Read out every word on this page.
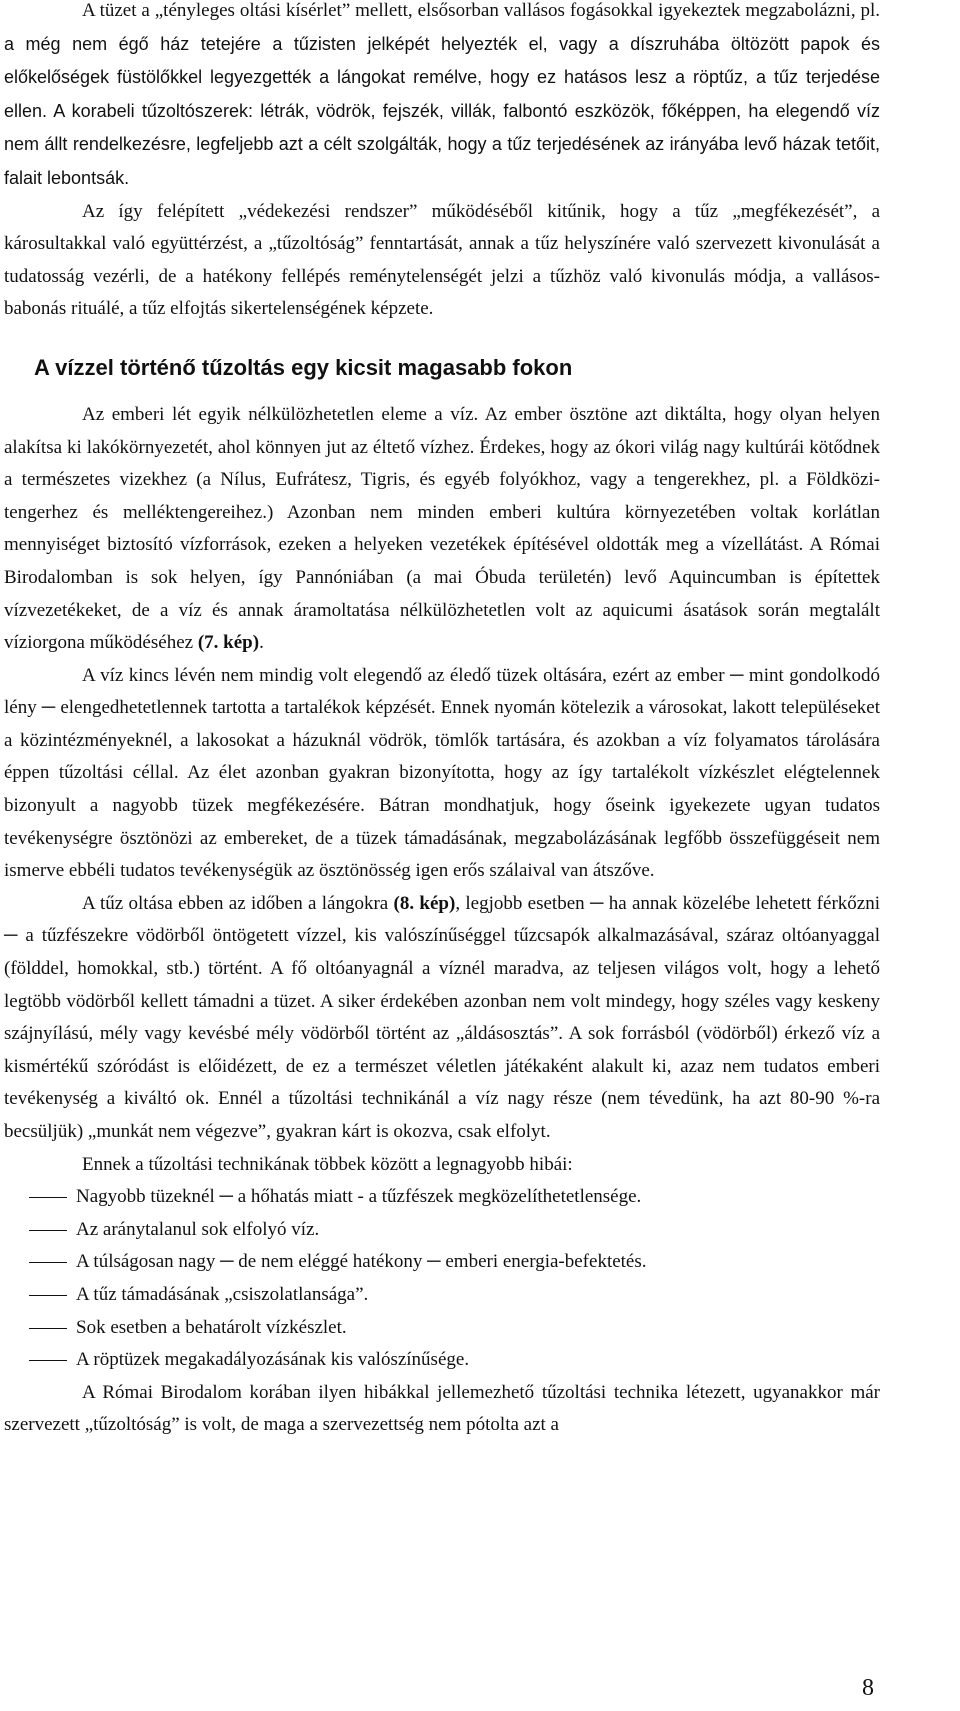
A tüzet a „tényleges oltási kísérlet” mellett, elsősorban vallásos fogásokkal igyekeztek megzabolázni, pl. a még nem égő ház tetejére a tűzisten jelképét helyezték el, vagy a díszruhába öltözött papok és előkelőségek füstölőkkel legyezgették a lángokat remélve, hogy ez hatásos lesz a röptűz, a tűz terjedése ellen. A korabeli tűzoltószerek: létrák, vödrök, fejszék, villák, falbontó eszközök, főképpen, ha elegendő víz nem állt rendelkezésre, legfeljebb azt a célt szolgálták, hogy a tűz terjedésének az irányába levő házak tetőit, falait lebontsák.

Az így felépített „védekezési rendszer” működéséből kitűnik, hogy a tűz „megfékezését”, a károsultakkal való együttérzést, a „tűzoltóság” fenntartását, annak a tűz helyszínére való szervezett kivonulását a tudatosság vezérli, de a hatékony fellépés reménytelenségét jelzi a tűzhöz való kivonulás módja, a vallásos-babonás rituálé, a tűz elfojtás sikertelenségének képzete.

A vízzel történő tűzoltás egy kicsit magasabb fokon

Az emberi lét egyik nélkülözhetetlen eleme a víz. Az ember ösztöne azt diktálta, hogy olyan helyen alakítsa ki lakókörnyezetét, ahol könnyen jut az éltető vízhez. Érdekes, hogy az ókori világ nagy kultúrái kötődnek a természetes vizekhez (a Nílus, Eufrátesz, Tigris, és egyéb folyókhoz, vagy a tengerekhez, pl. a Földközi-tengerhez és melléktengereihez.) Azonban nem minden emberi kultúra környezetében voltak korlátlan mennyiséget biztosító vízforrások, ezeken a helyeken vezetékek építésével oldották meg a vízellátást. A Római Birodalomban is sok helyen, így Pannóniában (a mai Óbuda területén) levő Aquincumban is építettek vízvezetékeket, de a víz és annak áramoltatása nélkülözhetetlen volt az aquicumi ásatások során megtalált víziorgona működéséhez (7. kép).

A víz kincs lévén nem mindig volt elegendő az éledő tüzek oltására, ezért az ember ─ mint gondolkodó lény ─ elengedhetetlennek tartotta a tartalékok képzését. Ennek nyomán kötelezik a városokat, lakott településeket a közintézményeknél, a lakosokat a házuknál vödrök, tömlők tartására, és azokban a víz folyamatos tárolására éppen tűzoltási céllal. Az élet azonban gyakran bizonyította, hogy az így tartalékolt vízkészlet elégtelennek bizonyult a nagyobb tüzek megfékezésére. Bátran mondhatjuk, hogy őseink igyekezete ugyan tudatos tevékenységre ösztönözi az embereket, de a tüzek támadásának, megzabolázásának legfőbb összefüggéseit nem ismerve ebbéli tudatos tevékenységük az ösztönösség igen erős szálaival van átszőve.

A tűz oltása ebben az időben a lángokra (8. kép), legjobb esetben ─ ha annak közelébe lehetett férkőzni ─ a tűzfészekre vödörből öntögetett vízzel, kis valószínűséggel tűzcsapók alkalmazásával, száraz oltóanyaggal (földdel, homokkal, stb.) történt. A fő oltóanyagnál a víznél maradva, az teljesen világos volt, hogy a lehető legtöbb vödörből kellett támadni a tüzet. A siker érdekében azonban nem volt mindegy, hogy széles vagy keskeny szájnyílású, mély vagy kevésbé mély vödörből történt az „áldásosztás”. A sok forrásból (vödörből) érkező víz a kismértékű szóródást is előidézett, de ez a természet véletlen játékaként alakult ki, azaz nem tudatos emberi tevékenység a kiváltó ok. Ennél a tűzoltási technikánál a víz nagy része (nem tévedünk, ha azt 80-90 %-ra becsüljük) „munkát nem végezve”, gyakran kárt is okozva, csak elfolyt.

Ennek a tűzoltási technikának többek között a legnagyobb hibái:

Nagyobb tüzeknél ─ a hőhatás miatt - a tűzfészek megközelíthetetlensége.
Az aránytalanul sok elfolyó víz.
A túlságosan nagy ─ de nem eléggé hatékony ─ emberi energia-befektetés.
A tűz támadásának „csiszolatlansága”.
Sok esetben a behatárolt vízkészlet.
A röptüzek megakadályozásának kis valószínűsége.

A Római Birodalom korában ilyen hibákkal jellemezhető tűzoltási technika létezett, ugyanakkor már szervezett „tűzoltóság” is volt, de maga a szervezettség nem pótolta azt a

8
